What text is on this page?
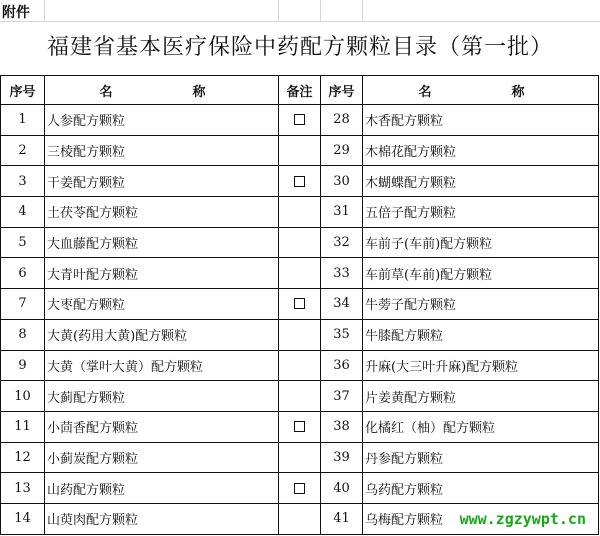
附件
福建省基本医疗保险中药配方颗粒目录（第一批）
序号	名　　称	备注	序号	名　　称
1	人参配方颗粒		28	木香配方颗粒
2	三棱配方颗粒		29	木棉花配方颗粒
3	干姜配方颗粒		30	木蝴蝶配方颗粒
4	土茯苓配方颗粒		31	五倍子配方颗粒
5	大血藤配方颗粒		32	车前子(车前)配方颗粒
6	大青叶配方颗粒		33	车前草(车前)配方颗粒
7	大枣配方颗粒		34	牛蒡子配方颗粒
8	大黄(药用大黄)配方颗粒		35	牛膝配方颗粒
9	大黄（掌叶大黄）配方颗粒		36	升麻(大三叶升麻)配方颗粒
10	大蓟配方颗粒		37	片姜黄配方颗粒
11	小茴香配方颗粒		38	化橘红（柚）配方颗粒
12	小蓟炭配方颗粒		39	丹参配方颗粒
13	山药配方颗粒		40	乌药配方颗粒
14	山萸肉配方颗粒		41	乌梅配方颗粒 www.zgzywpt.cn
